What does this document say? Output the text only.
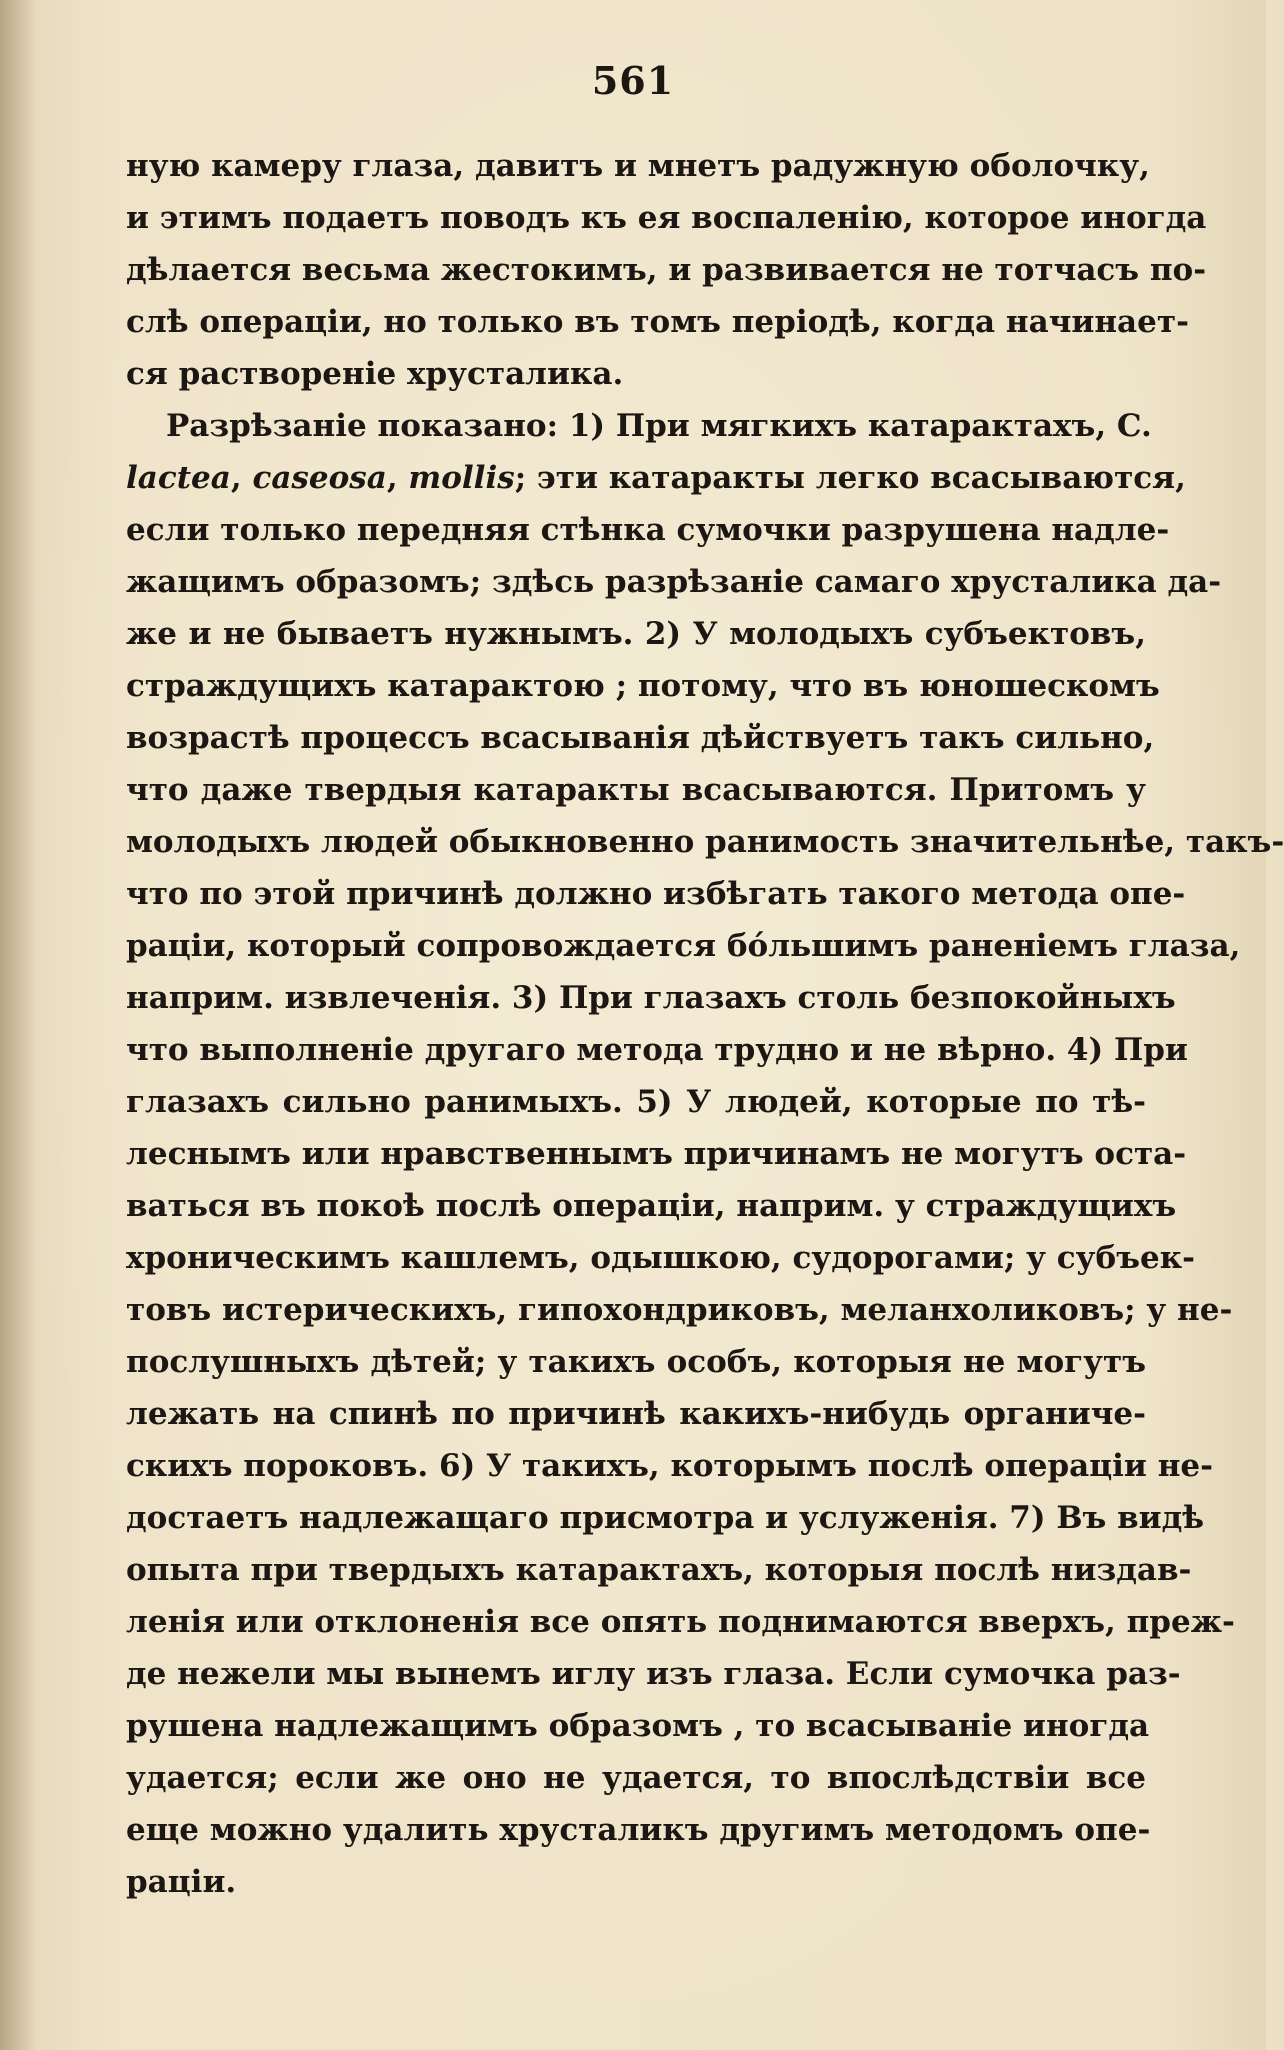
561
ную камеру глаза, давитъ и мнетъ радужную оболочку,
и этимъ подаетъ поводъ къ ея воспаленію, которое иногда
дѣлается весьма жестокимъ, и развивается не тотчасъ по-
слѣ операціи, но только въ томъ періодѣ, когда начинает-
ся раствореніе хрусталика.
Разрѣзаніе показано: 1) При мягкихъ катарактахъ, C.
lactea, caseosa, mollis; эти катаракты легко всасываются,
если только передняя стѣнка сумочки разрушена надле-
жащимъ образомъ; здѣсь разрѣзаніе самаго хрусталика да-
же и не бываетъ нужнымъ. 2) У молодыхъ субъектовъ,
страждущихъ катарактою ; потому, что въ юношескомъ
возрастѣ процессъ всасыванія дѣйствуетъ такъ сильно,
что даже твердыя катаракты всасываются. Притомъ у
молодыхъ людей обыкновенно ранимость значительнѣе, такъ-
что по этой причинѣ должно избѣгать такого метода опе-
раціи, который сопровождается бо́льшимъ раненіемъ глаза,
наприм. извлеченія. 3) При глазахъ столь безпокойныхъ
что выполненіе другаго метода трудно и не вѣрно. 4) При
глазахъ сильно ранимыхъ. 5) У людей, которые по тѣ-
леснымъ или нравственнымъ причинамъ не могутъ оста-
ваться въ покоѣ послѣ операціи, наприм. у страждущихъ
хроническимъ кашлемъ, одышкою, судорогами; у субъек-
товъ истерическихъ, гипохондриковъ, меланхоликовъ; у не-
послушныхъ дѣтей; у такихъ особъ, которыя не могутъ
лежать на спинѣ по причинѣ какихъ-нибудь органиче-
скихъ пороковъ. 6) У такихъ, которымъ послѣ операціи не-
достаетъ надлежащаго присмотра и услуженія. 7) Въ видѣ
опыта при твердыхъ катарактахъ, которыя послѣ низдав-
ленія или отклоненія все опять поднимаются вверхъ, преж-
де нежели мы вынемъ иглу изъ глаза. Если сумочка раз-
рушена надлежащимъ образомъ , то всасываніе иногда
удается; если же оно не удается, то впослѣдствіи все
еще можно удалить хрусталикъ другимъ методомъ опе-
раціи.
